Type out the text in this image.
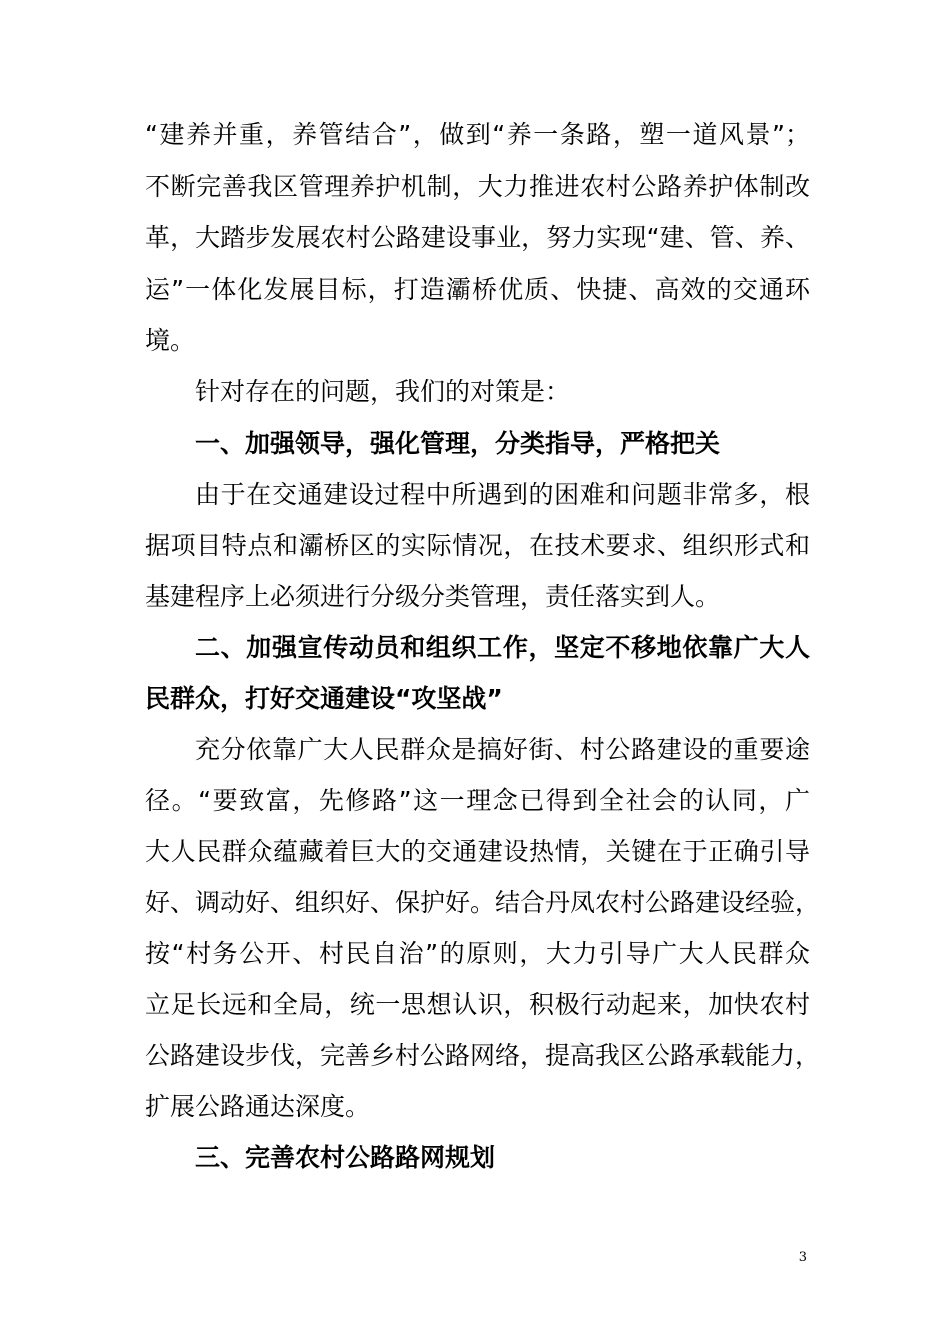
“建养并重，养管结合”，做到“养一条路，塑一道风景”；
不断完善我区管理养护机制，大力推进农村公路养护体制改
革，大踏步发展农村公路建设事业，努力实现“建、管、养、
运”一体化发展目标，打造灞桥优质、快捷、高效的交通环
境。
针对存在的问题，我们的对策是：
一、加强领导，强化管理，分类指导，严格把关
由于在交通建设过程中所遇到的困难和问题非常多，根
据项目特点和灞桥区的实际情况，在技术要求、组织形式和
基建程序上必须进行分级分类管理，责任落实到人。
二、加强宣传动员和组织工作，坚定不移地依靠广大人
民群众，打好交通建设“攻坚战”
充分依靠广大人民群众是搞好街、村公路建设的重要途
径。“要致富，先修路”这一理念已得到全社会的认同，广
大人民群众蕴藏着巨大的交通建设热情，关键在于正确引导
好、调动好、组织好、保护好。结合丹凤农村公路建设经验，
按“村务公开、村民自治”的原则，大力引导广大人民群众
立足长远和全局，统一思想认识，积极行动起来，加快农村
公路建设步伐，完善乡村公路网络，提高我区公路承载能力，
扩展公路通达深度。
三、完善农村公路路网规划
3
